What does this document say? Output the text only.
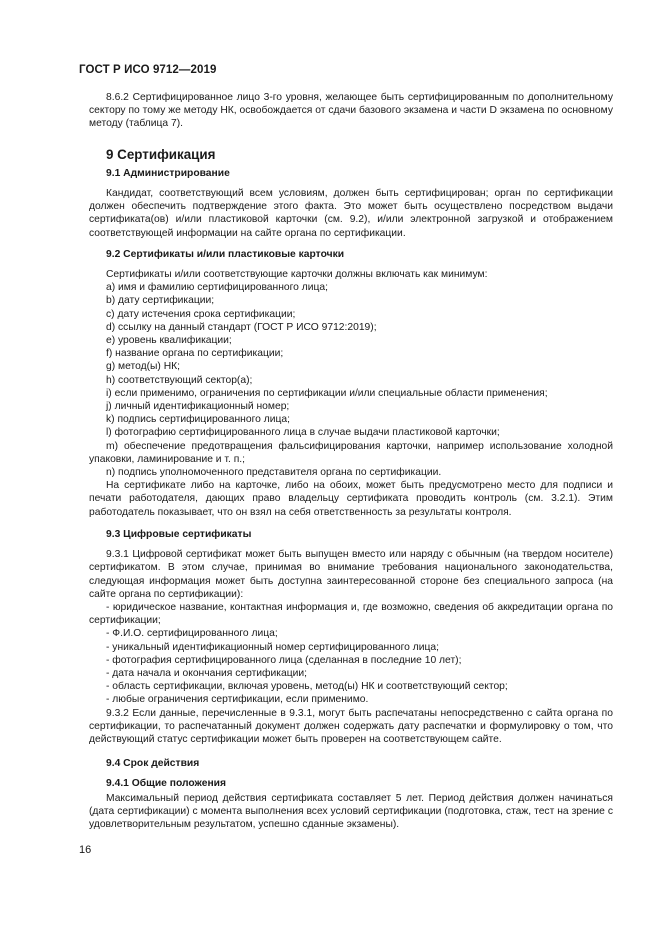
ГОСТ Р ИСО 9712—2019

8.6.2 Сертифицированное лицо 3-го уровня, желающее быть сертифицированным по дополнительному сектору по тому же методу НК, освобождается от сдачи базового экзамена и части D экзамена по основному методу (таблица 7).

9 Сертификация
9.1 Администрирование

Кандидат, соответствующий всем условиям, должен быть сертифицирован; орган по сертификации должен обеспечить подтверждение этого факта. Это может быть осуществлено посредством выдачи сертификата(ов) и/или пластиковой карточки (см. 9.2), и/или электронной загрузкой и отображением соответствующей информации на сайте органа по сертификации.

9.2 Сертификаты и/или пластиковые карточки

Сертификаты и/или соответствующие карточки должны включать как минимум:

a) имя и фамилию сертифицированного лица;

b) дату сертификации;

c) дату истечения срока сертификации;

d) ссылку на данный стандарт (ГОСТ Р ИСО 9712:2019);

e) уровень квалификации;

f) название органа по сертификации;

g) метод(ы) НК;

h) соответствующий сектор(а);

i) если применимо, ограничения по сертификации и/или специальные области применения;

j) личный идентификационный номер;

k) подпись сертифицированного лица;

l) фотографию сертифицированного лица в случае выдачи пластиковой карточки;

m) обеспечение предотвращения фальсифицирования карточки, например использование холодной упаковки, ламинирование и т. п.;

n) подпись уполномоченного представителя органа по сертификации.

На сертификате либо на карточке, либо на обоих, может быть предусмотрено место для подписи и печати работодателя, дающих право владельцу сертификата проводить контроль (см. 3.2.1). Этим работодатель показывает, что он взял на себя ответственность за результаты контроля.

9.3 Цифровые сертификаты

9.3.1 Цифровой сертификат может быть выпущен вместо или наряду с обычным (на твердом носителе) сертификатом. В этом случае, принимая во внимание требования национального законодательства, следующая информация может быть доступна заинтересованной стороне без специального запроса (на сайте органа по сертификации):

- юридическое название, контактная информация и, где возможно, сведения об аккредитации органа по сертификации;

- Ф.И.О. сертифицированного лица;

- уникальный идентификационный номер сертифицированного лица;

- фотография сертифицированного лица (сделанная в последние 10 лет);

- дата начала и окончания сертификации;

- область сертификации, включая уровень, метод(ы) НК и соответствующий сектор;

- любые ограничения сертификации, если применимо.

9.3.2 Если данные, перечисленные в 9.3.1, могут быть распечатаны непосредственно с сайта органа по сертификации, то распечатанный документ должен содержать дату распечатки и формулировку о том, что действующий статус сертификации может быть проверен на соответствующем сайте.

9.4 Срок действия
9.4.1 Общие положения

Максимальный период действия сертификата составляет 5 лет. Период действия должен начинаться (дата сертификации) с момента выполнения всех условий сертификации (подготовка, стаж, тест на зрение с удовлетворительным результатом, успешно сданные экзамены).

16
